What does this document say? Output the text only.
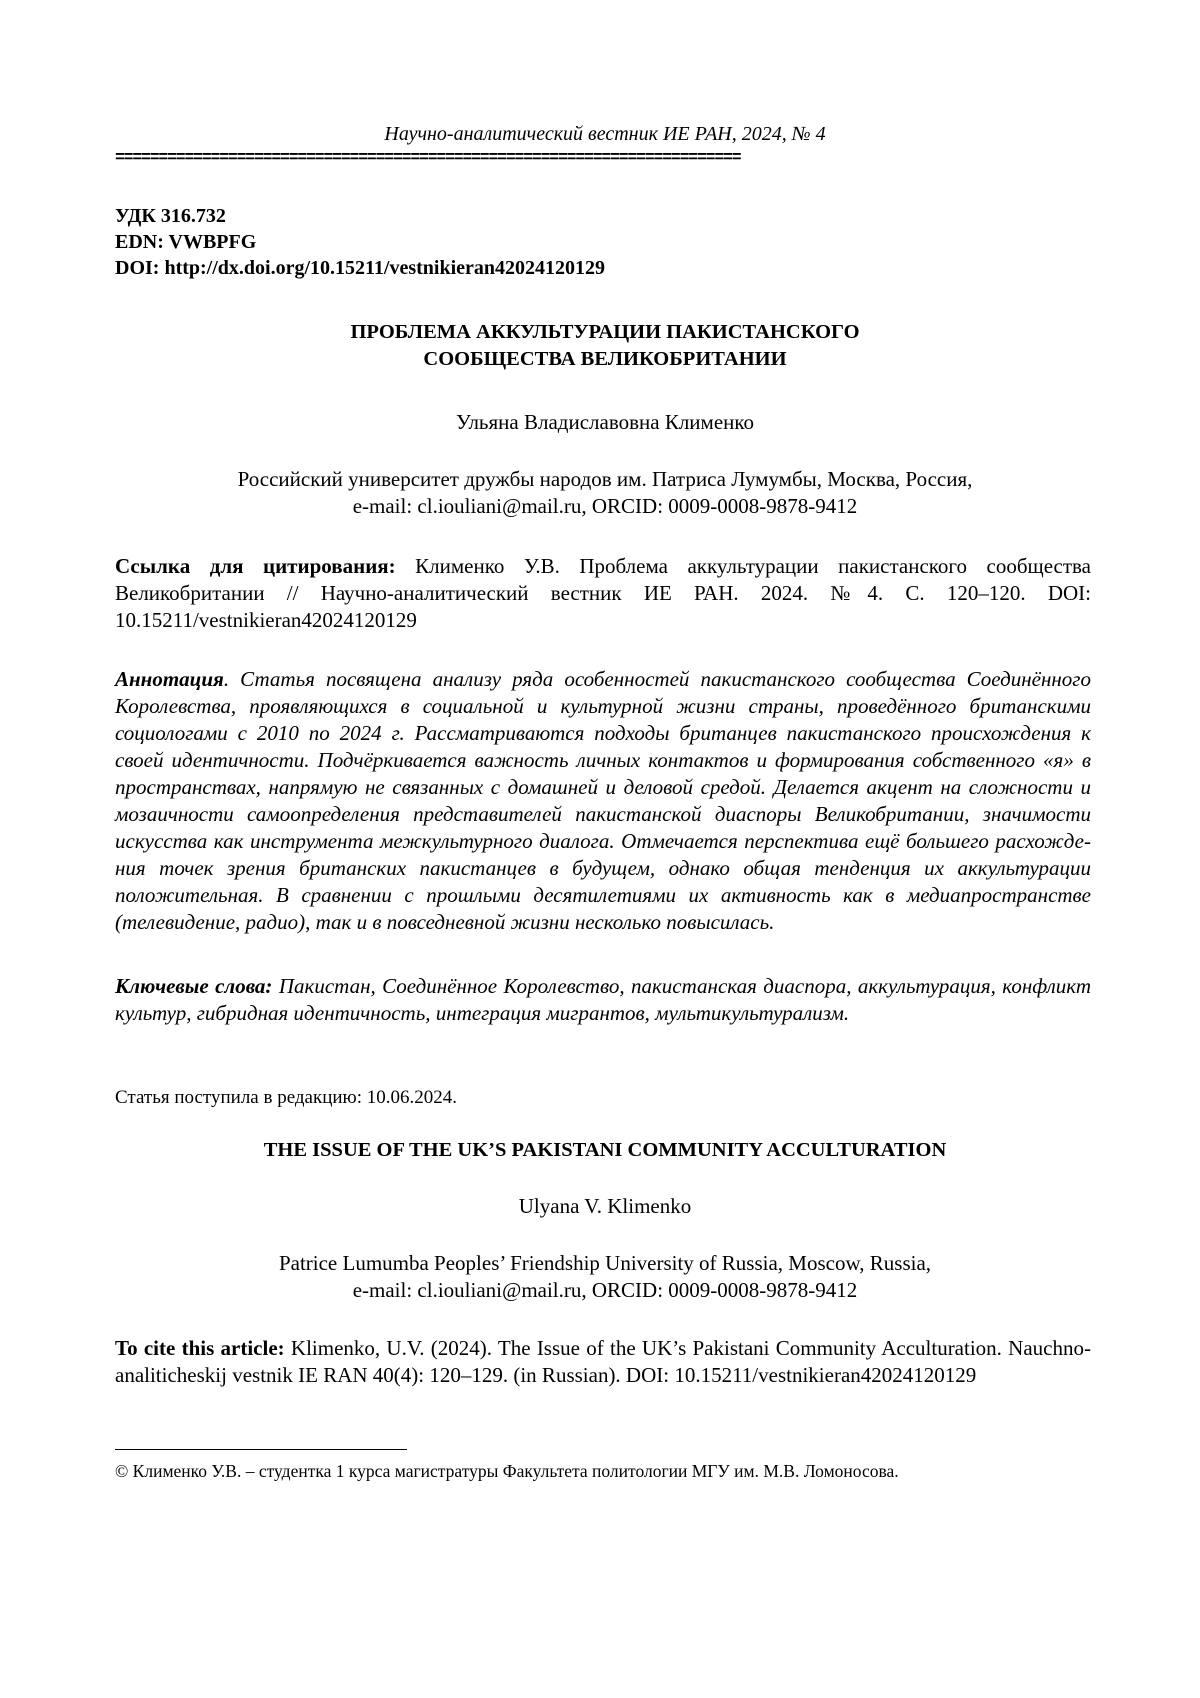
Научно-аналитический вестник ИЕ РАН, 2024, № 4
========================================================================
УДК 316.732
EDN: VWBPFG
DOI: http://dx.doi.org/10.15211/vestnikieran42024120129
ПРОБЛЕМА АККУЛЬТУРАЦИИ ПАКИСТАНСКОГО
СООБЩЕСТВА ВЕЛИКОБРИТАНИИ
Ульяна Владиславовна Клименко
Российский университет дружбы народов им. Патриса Лумумбы, Москва, Россия,
e-mail: cl.iouliani@mail.ru, ORCID: 0009-0008-9878-9412
Ссылка для цитирования: Клименко У.В. Проблема аккультурации пакистанского сообщества Великобритании // Научно-аналитический вестник ИЕ РАН. 2024. №4. С. 120–120. DOI: 10.15211/vestnikieran42024120129
Аннотация. Статья посвящена анализу ряда особенностей пакистанского сообщества Соединённого Королевства, проявляющихся в социальной и культурной жизни страны, проведённого британскими социологами с 2010 по 2024 г. Рассматриваются подходы британцев пакистанского происхождения к своей идентичности. Подчёркивается важность личных контактов и формирования собственного «я» в пространствах, напрямую не связанных с домашней и деловой средой. Делается акцент на сложности и мозаичности самоопределения представителей пакистанской диаспоры Великобритании, значимости искусства как инструмента межкультурного диалога. Отмечается перспектива ещё большего расхождения точек зрения британских пакистанцев в будущем, однако общая тенденция их аккультурации положительная. В сравнении с прошлыми десятилетиями их активность как в медиапространстве (телевидение, радио), так и в повседневной жизни несколько повысилась.
Ключевые слова: Пакистан, Соединённое Королевство, пакистанская диаспора, аккультурация, конфликт культур, гибридная идентичность, интеграция мигрантов, мультикультурализм.
Статья поступила в редакцию: 10.06.2024.
THE ISSUE OF THE UK’S PAKISTANI COMMUNITY ACCULTURATION
Ulyana V. Klimenko
Patrice Lumumba Peoples’ Friendship University of Russia, Moscow, Russia,
e-mail: cl.iouliani@mail.ru, ORCID: 0009-0008-9878-9412
To cite this article: Klimenko, U.V. (2024). The Issue of the UK’s Pakistani Community Acculturation. Nauchno-analiticheskij vestnik IE RAN 40(4): 120–129. (in Russian). DOI: 10.15211/vestnikieran42024120129
© Клименко У.В. – студентка 1 курса магистратуры Факультета политологии МГУ им. М.В. Ломоносова.
